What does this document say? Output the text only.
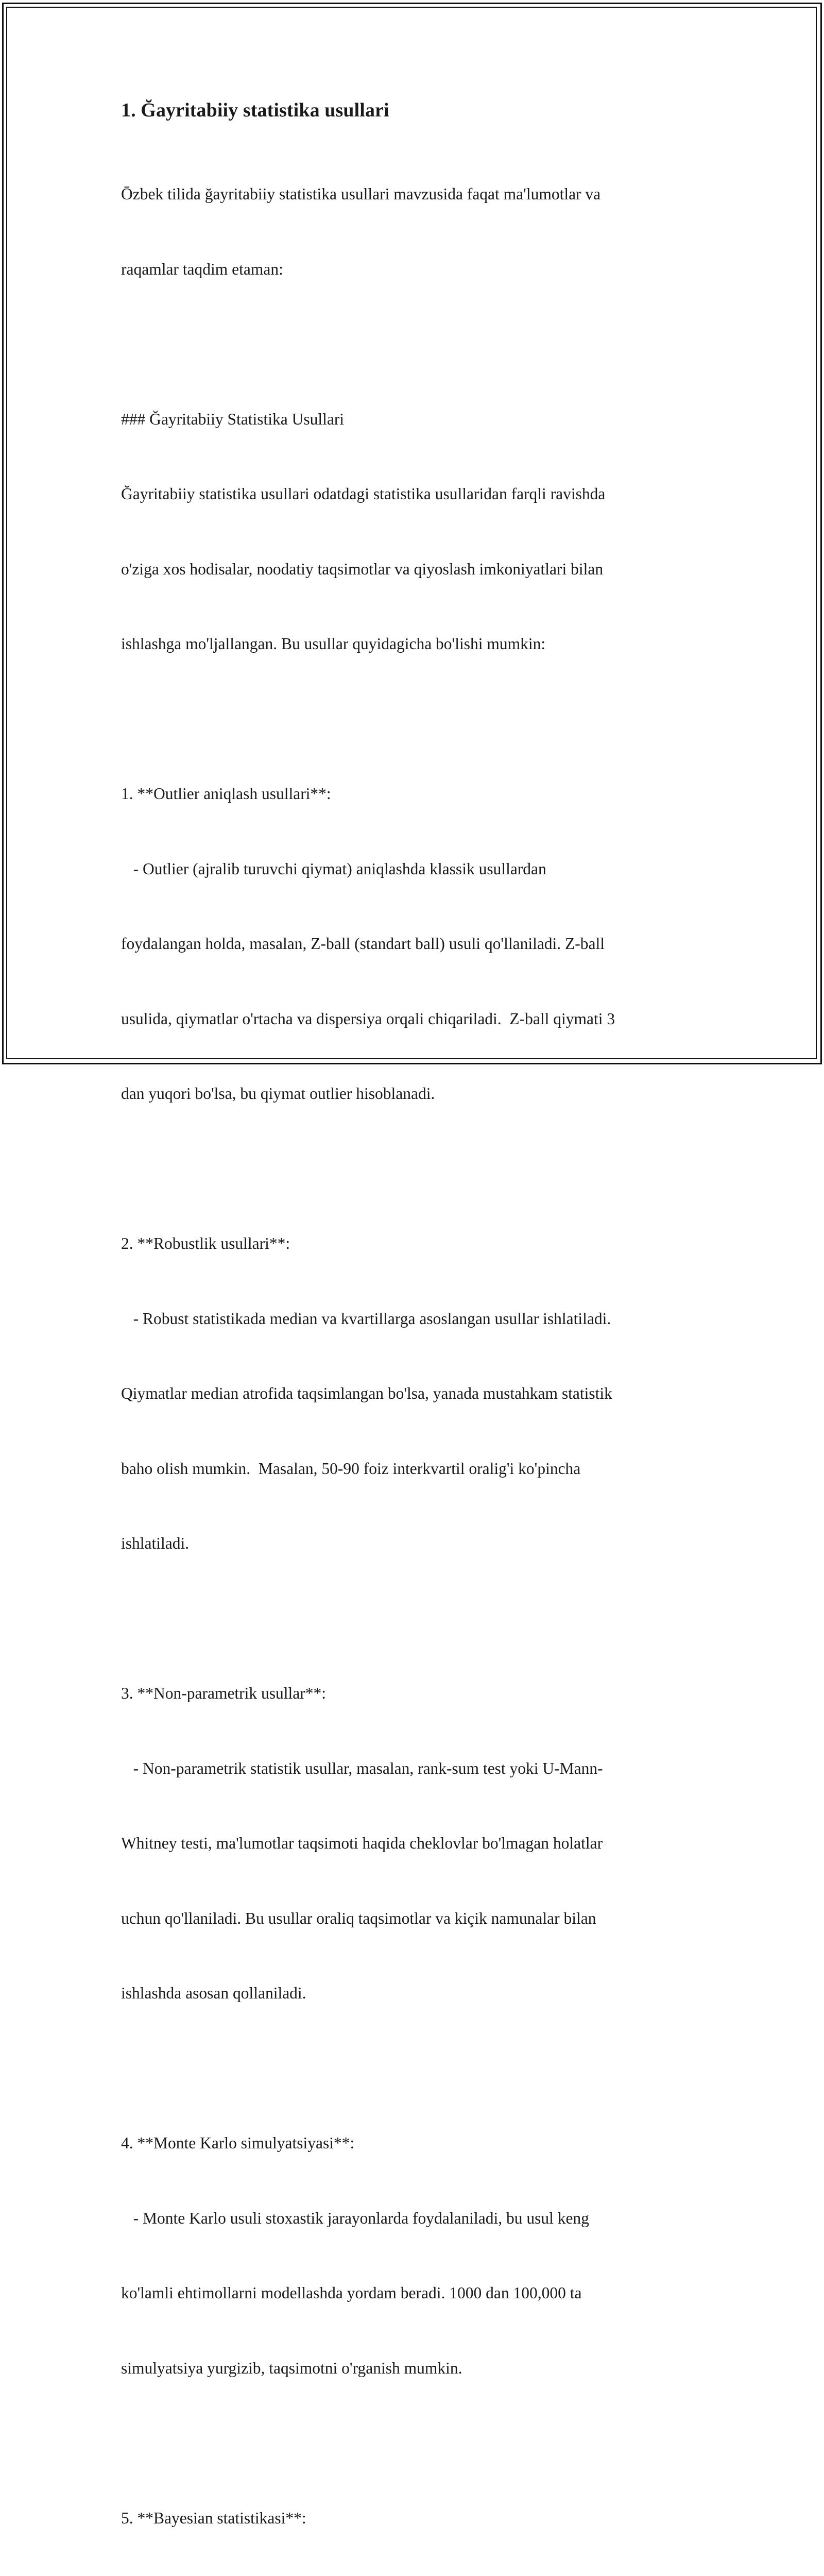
1. Ğayritabiiy statistika usullari

Ōzbek tilida ğayritabiiy statistika usullari mavzusida faqat ma'lumotlar va

raqamlar taqdim etaman:

### Ğayritabiiy Statistika Usullari

Ğayritabiiy statistika usullari odatdagi statistika usullaridan farqli ravishda

o'ziga xos hodisalar, noodatiy taqsimotlar va qiyoslash imkoniyatlari bilan

ishlashga mo'ljallangan. Bu usullar quyidagicha bo'lishi mumkin:

1. **Outlier aniqlash usullari**:

- Outlier (ajralib turuvchi qiymat) aniqlashda klassik usullardan

foydalangan holda, masalan, Z-ball (standart ball) usuli qo'llaniladi. Z-ball

usulida, qiymatlar o'rtacha va dispersiya orqali chiqariladi.  Z-ball qiymati 3

dan yuqori bo'lsa, bu qiymat outlier hisoblanadi.

2. **Robustlik usullari**:

- Robust statistikada median va kvartillarga asoslangan usullar ishlatiladi.

Qiymatlar median atrofida taqsimlangan bo'lsa, yanada mustahkam statistik

baho olish mumkin.  Masalan, 50-90 foiz interkvartil oralig'i ko'pincha

ishlatiladi.

3. **Non-parametrik usullar**:

- Non-parametrik statistik usullar, masalan, rank-sum test yoki U-Mann-

Whitney testi, ma'lumotlar taqsimoti haqida cheklovlar bo'lmagan holatlar

uchun qo'llaniladi. Bu usullar oraliq taqsimotlar va kiçik namunalar bilan

ishlashda asosan qollaniladi.

4. **Monte Karlo simulyatsiyasi**:

- Monte Karlo usuli stoxastik jarayonlarda foydalaniladi, bu usul keng

ko'lamli ehtimollarni modellashda yordam beradi. 1000 dan 100,000 ta

simulyatsiya yurgizib, taqsimotni o'rganish mumkin.

5. **Bayesian statistikasi**:
